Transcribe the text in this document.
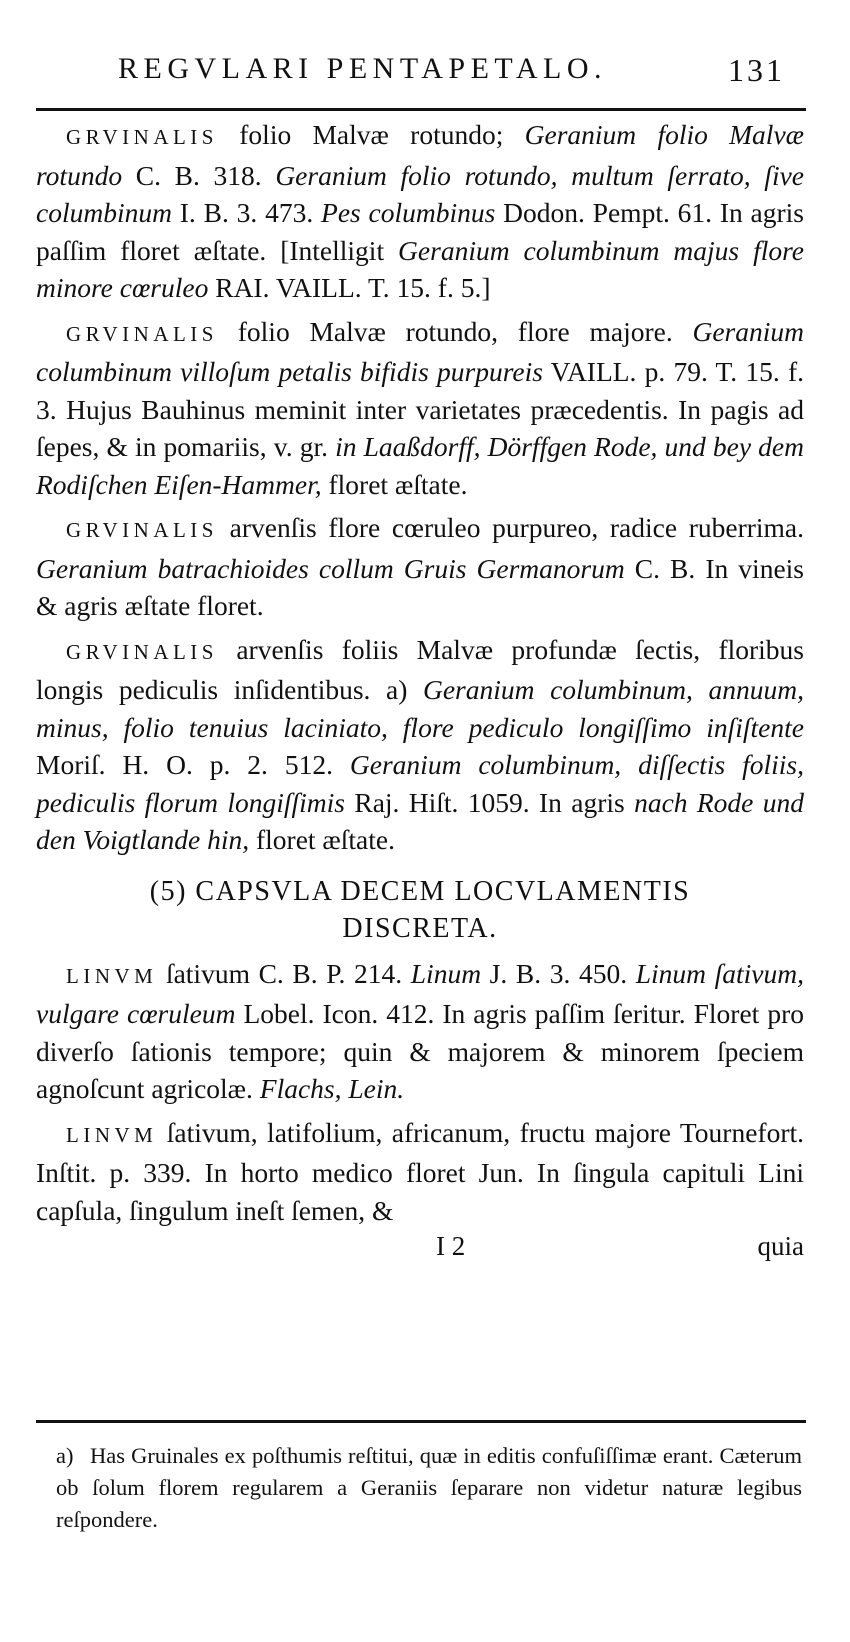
REGVLARI PENTAPETALO.	131

GRVINALIS folio Malvæ rotundo; Geranium folio Malvæ rotundo C. B. 318. Geranium folio rotundo, multum ſerrato, ſive columbinum I. B. 3. 473. Pes columbinus Dodon. Pempt. 61. In agris paſſim floret æſtate. [Intelligit Geranium columbinum majus flore minore cœruleo RAI. VAILL. T. 15. f. 5.]

GRVINALIS folio Malvæ rotundo, flore majore. Geranium columbinum villoſum petalis bifidis purpureis VAILL. p. 79. T. 15. f. 3. Hujus Bauhinus meminit inter varietates præcedentis. In pagis ad ſepes, & in pomariis, v. gr. in Laaßdorff, Dörffgen Rode, und bey dem Rodiſchen Eiſen-Hammer, floret æſtate.

GRVINALIS arvenſis flore cœruleo purpureo, radice ruberrima. Geranium batrachioides collum Gruis Germanorum C. B. In vineis & agris æſtate floret.

GRVINALIS arvenſis foliis Malvæ profundæ ſectis, floribus longis pediculis inſidentibus. a) Geranium columbinum, annuum, minus, folio tenuius laciniato, flore pediculo longiſſimo inſiſtente Moriſ. H. O. p. 2. 512. Geranium columbinum, diſſectis foliis, pediculis florum longiſſimis Raj. Hiſt. 1059. In agris nach Rode und den Voigtlande hin, floret æſtate.

(5) CAPSVLA DECEM LOCVLAMENTIS
DISCRETA.

LINVM ſativum C. B. P. 214. Linum J. B. 3. 450. Linum ſativum, vulgare cœruleum Lobel. Icon. 412. In agris paſſim ſeritur. Floret pro diverſo ſationis tempore; quin & majorem & minorem ſpeciem agnoſcunt agricolæ. Flachs, Lein.

LINVM ſativum, latifolium, africanum, fructu majore Tournefort. Inſtit. p. 339. In horto medico floret Jun. In ſingula capituli Lini capſula, ſingulum ineſt ſemen, &

I 2	quia
a) Has Gruinales ex poſthumis reſtitui, quæ in editis confuſiſſimæ erant. Cæterum ob ſolum florem regularem a Geraniis ſeparare non videtur naturæ legibus reſpondere.
